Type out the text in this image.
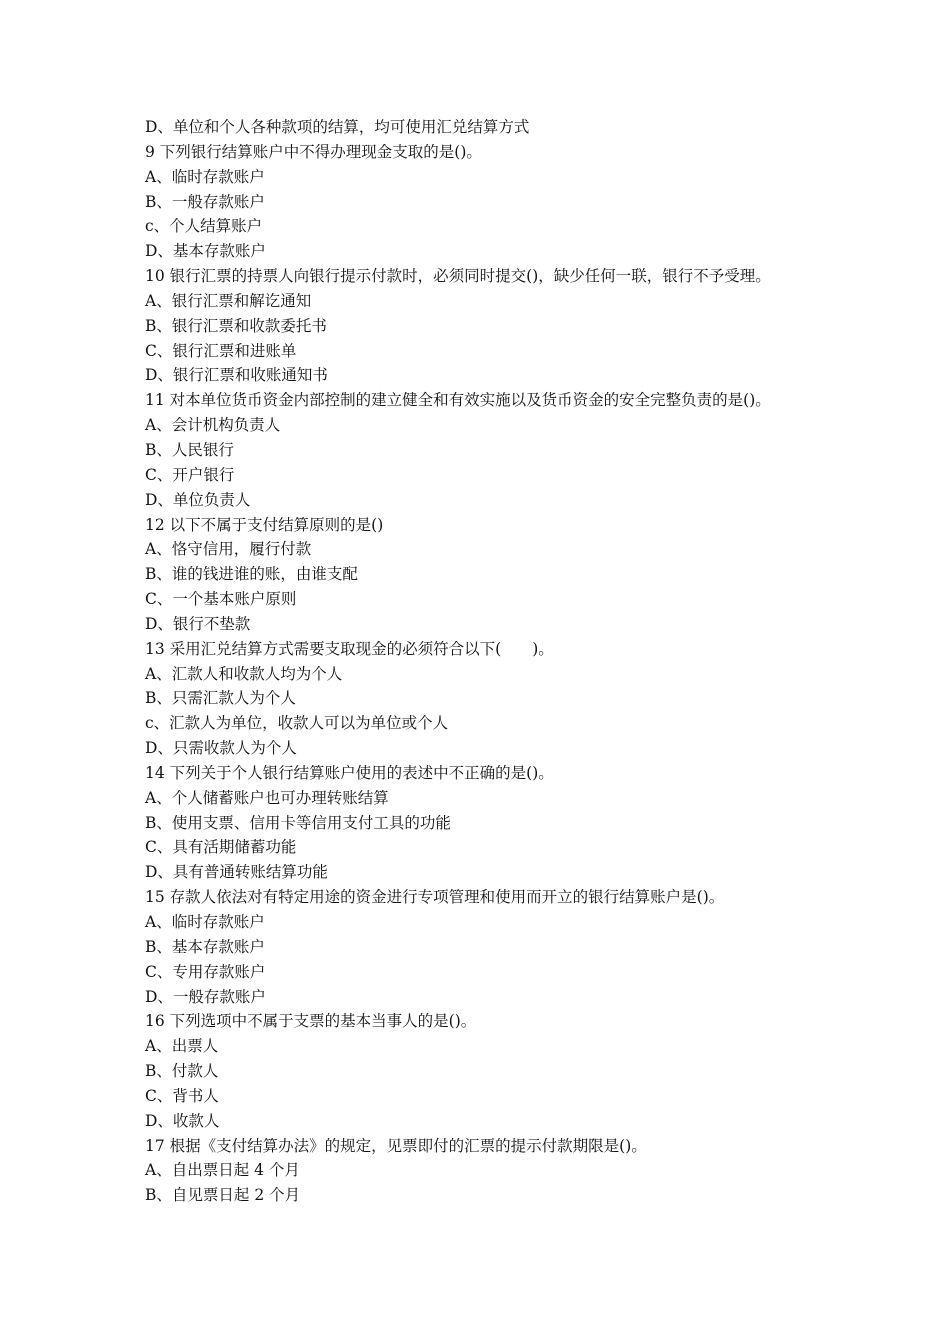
D、单位和个人各种款项的结算，均可使用汇兑结算方式

9 下列银行结算账户中不得办理现金支取的是()。

A、临时存款账户

B、一般存款账户

c、个人结算账户

D、基本存款账户

10 银行汇票的持票人向银行提示付款时，必须同时提交()，缺少任何一联，银行不予受理。

A、银行汇票和解讫通知

B、银行汇票和收款委托书

C、银行汇票和进账单

D、银行汇票和收账通知书

11 对本单位货币资金内部控制的建立健全和有效实施以及货币资金的安全完整负责的是()。

A、会计机构负责人

B、人民银行

C、开户银行

D、单位负责人

12 以下不属于支付结算原则的是()

A、恪守信用，履行付款

B、谁的钱进谁的账，由谁支配

C、一个基本账户原则

D、银行不垫款

13 采用汇兑结算方式需要支取现金的必须符合以下(　　)。

A、汇款人和收款人均为个人

B、只需汇款人为个人

c、汇款人为单位，收款人可以为单位或个人

D、只需收款人为个人

14 下列关于个人银行结算账户使用的表述中不正确的是()。

A、个人储蓄账户也可办理转账结算

B、使用支票、信用卡等信用支付工具的功能

C、具有活期储蓄功能

D、具有普通转账结算功能

15 存款人依法对有特定用途的资金进行专项管理和使用而开立的银行结算账户是()。

A、临时存款账户

B、基本存款账户

C、专用存款账户

D、一般存款账户

16 下列选项中不属于支票的基本当事人的是()。

A、出票人

B、付款人

C、背书人

D、收款人

17 根据《支付结算办法》的规定，见票即付的汇票的提示付款期限是()。

A、自出票日起 4 个月

B、自见票日起 2 个月
